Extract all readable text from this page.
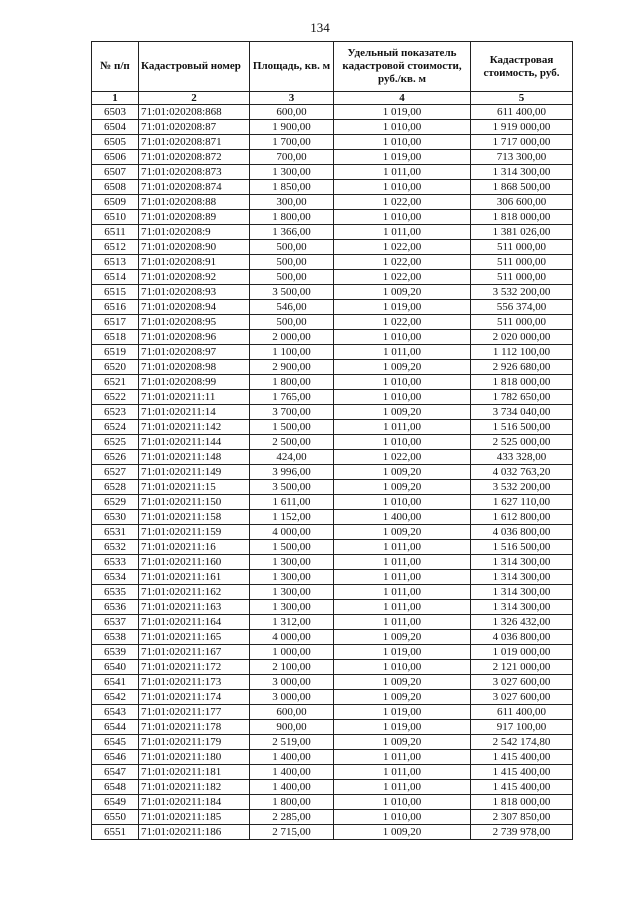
134
№ п/п	Кадастровый номер	Площадь, кв. м	Удельный показатель кадастровой стоимости, руб./кв. м	Кадастровая стоимость, руб.
1	2	3	4	5
6503	71:01:020208:868	600,00	1 019,00	611 400,00
6504	71:01:020208:87	1 900,00	1 010,00	1 919 000,00
6505	71:01:020208:871	1 700,00	1 010,00	1 717 000,00
6506	71:01:020208:872	700,00	1 019,00	713 300,00
6507	71:01:020208:873	1 300,00	1 011,00	1 314 300,00
6508	71:01:020208:874	1 850,00	1 010,00	1 868 500,00
6509	71:01:020208:88	300,00	1 022,00	306 600,00
6510	71:01:020208:89	1 800,00	1 010,00	1 818 000,00
6511	71:01:020208:9	1 366,00	1 011,00	1 381 026,00
6512	71:01:020208:90	500,00	1 022,00	511 000,00
6513	71:01:020208:91	500,00	1 022,00	511 000,00
6514	71:01:020208:92	500,00	1 022,00	511 000,00
6515	71:01:020208:93	3 500,00	1 009,20	3 532 200,00
6516	71:01:020208:94	546,00	1 019,00	556 374,00
6517	71:01:020208:95	500,00	1 022,00	511 000,00
6518	71:01:020208:96	2 000,00	1 010,00	2 020 000,00
6519	71:01:020208:97	1 100,00	1 011,00	1 112 100,00
6520	71:01:020208:98	2 900,00	1 009,20	2 926 680,00
6521	71:01:020208:99	1 800,00	1 010,00	1 818 000,00
6522	71:01:020211:11	1 765,00	1 010,00	1 782 650,00
6523	71:01:020211:14	3 700,00	1 009,20	3 734 040,00
6524	71:01:020211:142	1 500,00	1 011,00	1 516 500,00
6525	71:01:020211:144	2 500,00	1 010,00	2 525 000,00
6526	71:01:020211:148	424,00	1 022,00	433 328,00
6527	71:01:020211:149	3 996,00	1 009,20	4 032 763,20
6528	71:01:020211:15	3 500,00	1 009,20	3 532 200,00
6529	71:01:020211:150	1 611,00	1 010,00	1 627 110,00
6530	71:01:020211:158	1 152,00	1 400,00	1 612 800,00
6531	71:01:020211:159	4 000,00	1 009,20	4 036 800,00
6532	71:01:020211:16	1 500,00	1 011,00	1 516 500,00
6533	71:01:020211:160	1 300,00	1 011,00	1 314 300,00
6534	71:01:020211:161	1 300,00	1 011,00	1 314 300,00
6535	71:01:020211:162	1 300,00	1 011,00	1 314 300,00
6536	71:01:020211:163	1 300,00	1 011,00	1 314 300,00
6537	71:01:020211:164	1 312,00	1 011,00	1 326 432,00
6538	71:01:020211:165	4 000,00	1 009,20	4 036 800,00
6539	71:01:020211:167	1 000,00	1 019,00	1 019 000,00
6540	71:01:020211:172	2 100,00	1 010,00	2 121 000,00
6541	71:01:020211:173	3 000,00	1 009,20	3 027 600,00
6542	71:01:020211:174	3 000,00	1 009,20	3 027 600,00
6543	71:01:020211:177	600,00	1 019,00	611 400,00
6544	71:01:020211:178	900,00	1 019,00	917 100,00
6545	71:01:020211:179	2 519,00	1 009,20	2 542 174,80
6546	71:01:020211:180	1 400,00	1 011,00	1 415 400,00
6547	71:01:020211:181	1 400,00	1 011,00	1 415 400,00
6548	71:01:020211:182	1 400,00	1 011,00	1 415 400,00
6549	71:01:020211:184	1 800,00	1 010,00	1 818 000,00
6550	71:01:020211:185	2 285,00	1 010,00	2 307 850,00
6551	71:01:020211:186	2 715,00	1 009,20	2 739 978,00
